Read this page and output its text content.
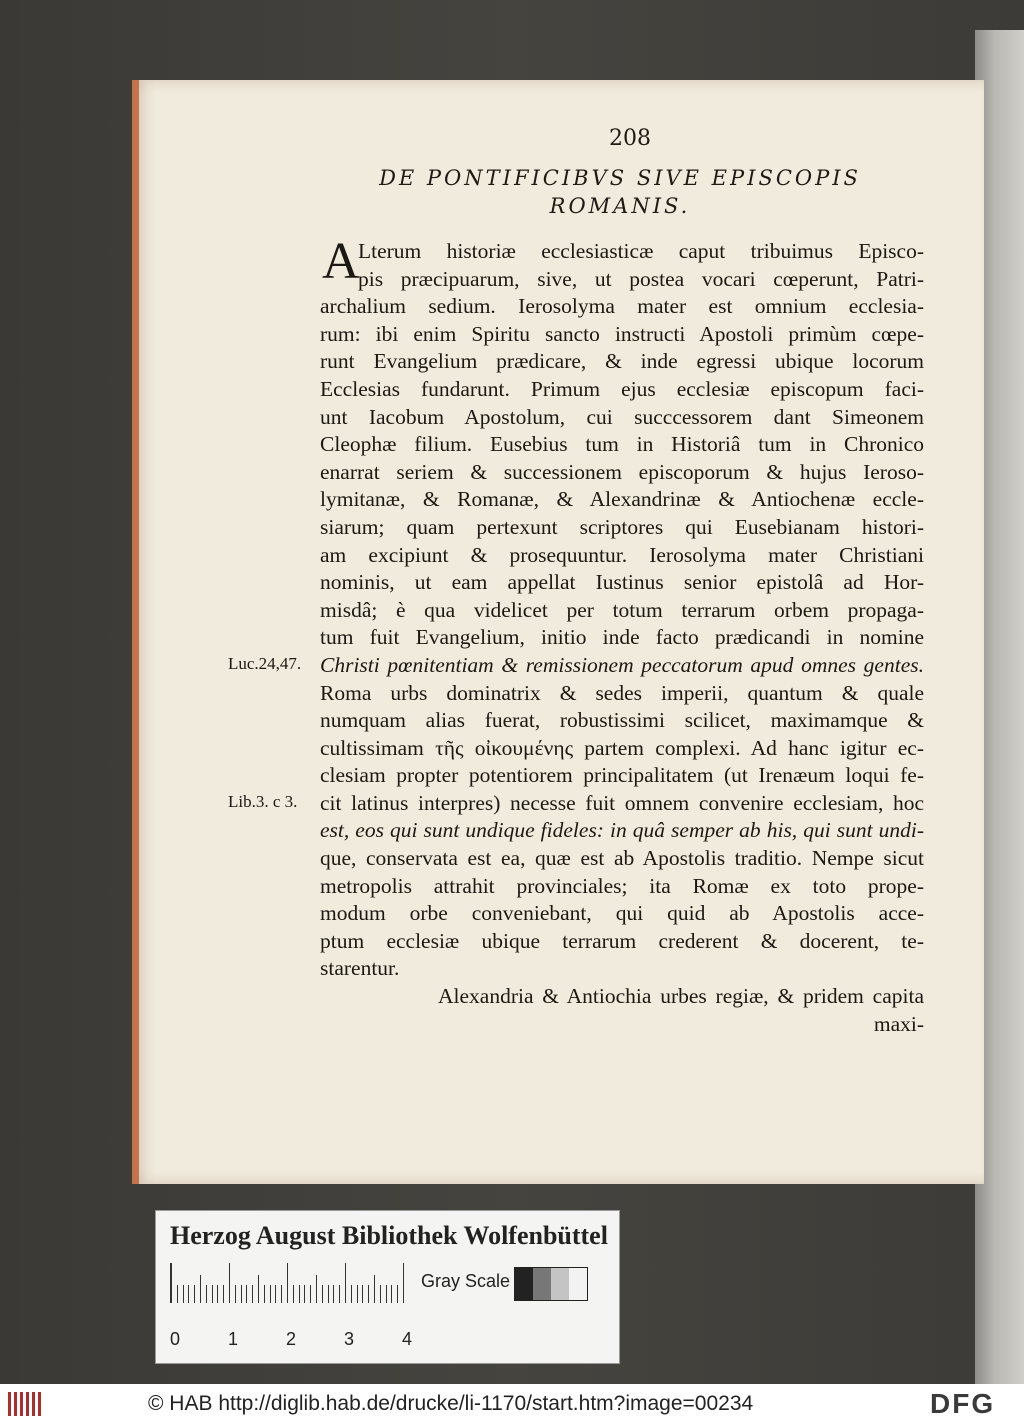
208
DE PONTIFICIBVS SIVE EPISCOPIS
ROMANIS.
A
Lterum historiæ ecclesiasticæ caput tribuimus Episco-
pis præcipuarum, sive, ut postea vocari cœperunt, Patri-
archalium sedium. Ierosolyma mater est omnium ecclesia-
rum: ibi enim Spiritu sancto instructi Apostoli primùm cœpe-
runt Evangelium prædicare, & inde egressi ubique locorum
Ecclesias fundarunt. Primum ejus ecclesiæ episcopum faci-
unt Iacobum Apostolum, cui succcessorem dant Simeonem
Cleophæ filium. Eusebius tum in Historiâ tum in Chronico
enarrat seriem & successionem episcoporum & hujus Ieroso-
lymitanæ, & Romanæ, & Alexandrinæ & Antiochenæ eccle-
siarum; quam pertexunt scriptores qui Eusebianam histori-
am excipiunt & prosequuntur. Ierosolyma mater Christiani
nominis, ut eam appellat Iustinus senior epistolâ ad Hor-
misdâ; è qua videlicet per totum terrarum orbem propaga-
tum fuit Evangelium, initio inde facto prædicandi in nomine
Christi pœnitentiam & remissionem peccatorum apud omnes gentes.
Roma urbs dominatrix & sedes imperii, quantum & quale
numquam alias fuerat, robustissimi scilicet, maximamque &
cultissimam τῆς οἰκουμένης partem complexi. Ad hanc igitur ec-
clesiam propter potentiorem principalitatem (ut Irenæum loqui fe-
cit latinus interpres) necesse fuit omnem convenire ecclesiam, hoc
est, eos qui sunt undique fideles: in quâ semper ab his, qui sunt undi-
que, conservata est ea, quæ est ab Apostolis traditio. Nempe sicut
metropolis attrahit provinciales; ita Romæ ex toto prope-
modum orbe conveniebant, qui quid ab Apostolis acce-
ptum ecclesiæ ubique terrarum crederent & docerent, te-
starentur.
Alexandria & Antiochia urbes regiæ, & pridem capita
maxi-
Luc.24,47.
Lib.3. c 3.
Herzog August Bibliothek Wolfenbüttel
0	1	2	3	4
Gray Scale
© HAB http://diglib.hab.de/drucke/li-1170/start.htm?image=00234	DFG
